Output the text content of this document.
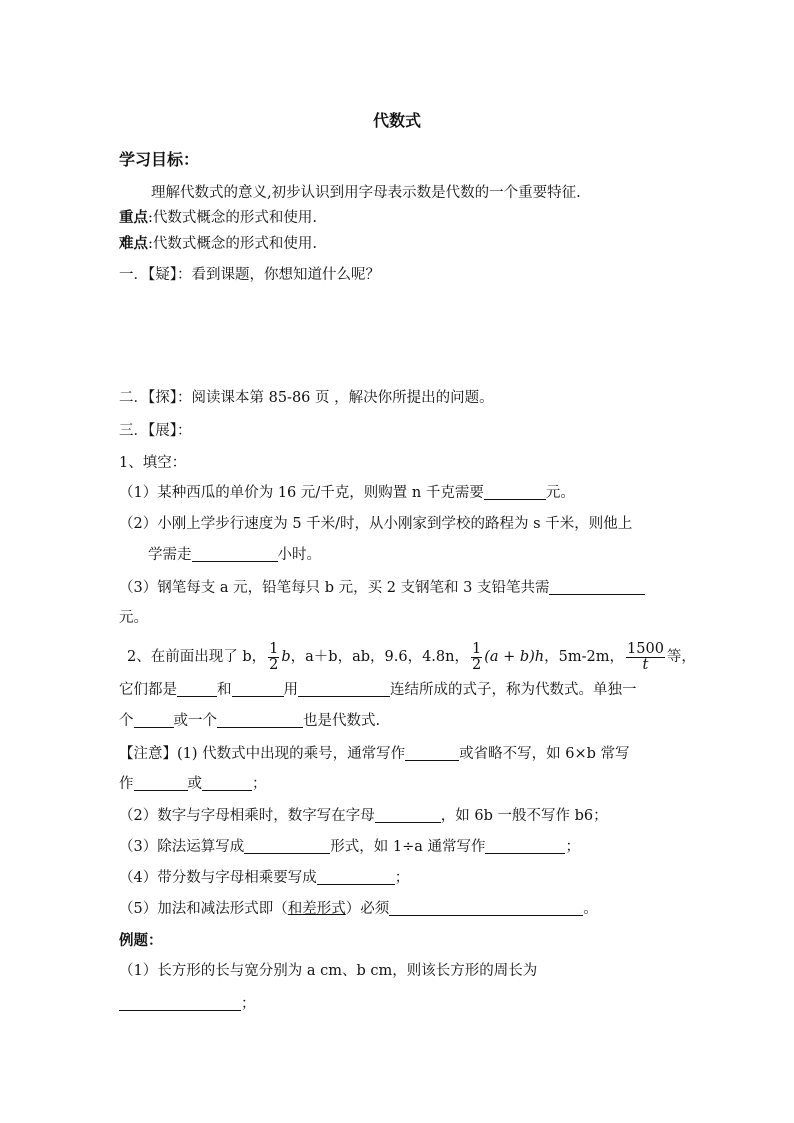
代数式
学习目标：
理解代数式的意义,初步认识到用字母表示数是代数的一个重要特征.
重点:代数式概念的形式和使用.
难点:代数式概念的形式和使用.
一．【疑】：看到课题，你想知道什么呢？
二．【探】：阅读课本第 85-86 页 ，解决你所提出的问题。
三．【展】：
1、填空：
（1）某种西瓜的单价为 16 元/千克，则购置 n 千克需要	元。
（2）小刚上学步行速度为 5 千米/时，从小刚家到学校的路程为 s 千米，则他上
学需走	小时。
（3）钢笔每支 a 元，铅笔每只 b 元，买 2 支钢笔和 3 支铅笔共需
元。
2、在前面出现了 b， $\frac{1}{2}$ b，a＋b，ab，9.6，4.8n， $\frac{1}{2} (a + b)h$，5m-2m， $\frac{1500}{t}$ 等，
它们都是	和	用	连结所成的式子，称为代数式。单独一
个	或一个	也是代数式.
【注意】(1) 代数式中出现的乘号，通常写作	或省略不写，如 6×b 常写
作	或	；
（2）数字与字母相乘时，数字写在字母	，如 6b 一般不写作 b6；
（3）除法运算写成	形式，如 1÷a 通常写作	；
（4）带分数与字母相乘要写成	；
（5）加法和减法形式即（和差形式）必须	。
例题：
（1）长方形的长与宽分别为 a cm、b cm，则该长方形的周长为
；
